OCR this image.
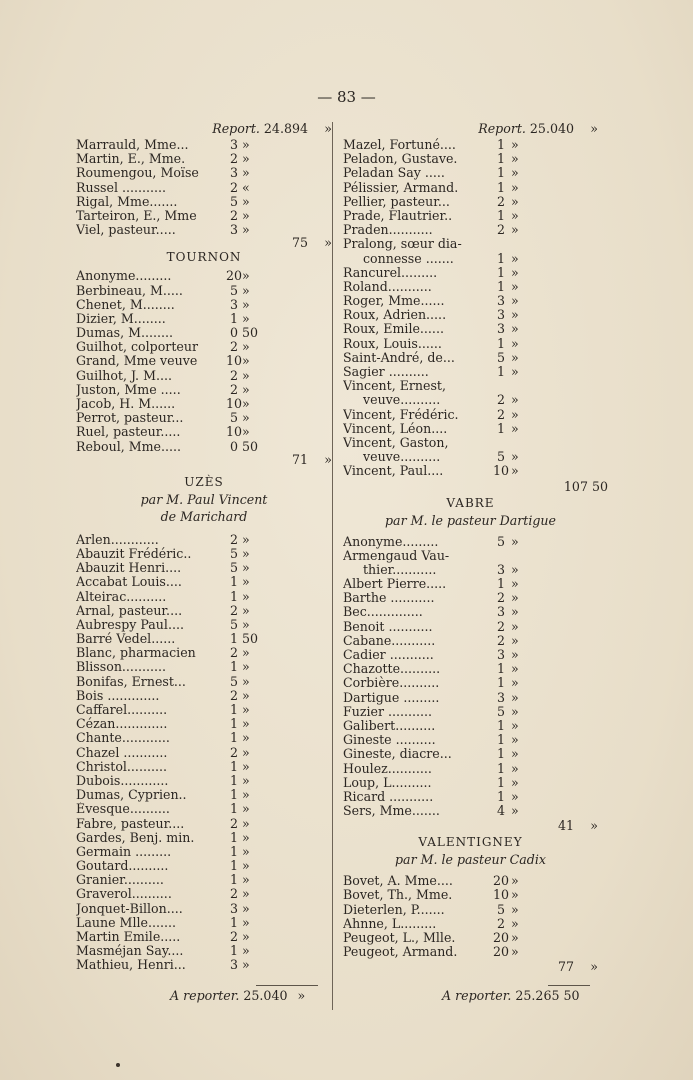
— 83 —
Report. 24.894 »
Marrauld, Mme...	3 »
Martin, E., Mme.	2 »
Roumengou, Moïse	3 »
Russel ...........	2 «
Rigal, Mme.......	5 »
Tarteiron, E., Mme	2 »
Viel, pasteur.....	3 »
75 »
TOURNON
Anonyme.........	20 »
Berbineau, M.....	5 »
Chenet, M........	3 »
Dizier, M........	1 »
Dumas, M........	0 50
Guilhot, colporteur	2 »
Grand, Mme veuve 10 »
Guilhot, J. M....	2 »
Juston, Mme .....	2 »
Jacob, H. M......	10 »
Perrot, pasteur...	5 »
Ruel, pasteur.....	10 »
Reboul, Mme.....	0 50
71 »
UZÈS
par M. Paul Vincent
de Marichard
Arlen............	2 »
Abauzit Frédéric..	5 »
Abauzit Henri....	5 »
Accabat Louis....	1 »
Alteirac..........	1 »
Arnal, pasteur....	2 »
Aubrespy Paul....	5 »
Barré Vedel......	1 50
Blanc, pharmacien	2 »
Blisson...........	1 »
Bonifas, Ernest...	5 »
Bois .............	2 »
Caffarel..........	1 »
Cézan.............	1 »
Chante............	1 »
Chazel ...........	2 »
Christol..........	1 »
Dubois............	1 »
Dumas, Cyprien..	1 »
Évesque..........	1 »
Fabre, pasteur....	2 »
Gardes, Benj. min.	1 »
Germain .........	1 »
Goutard..........	1 »
Granier..........	1 »
Graverol..........	2 »
Jonquet-Billon....	3 »
Laune Mlle.......	1 »
Martin Emile.....	2 »
Masméjan Say....	1 »
Mathieu, Henri...	3 »
Report. 25.040 »
Mazel, Fortuné....	1 »
Peladon, Gustave.	1 »
Peladan Say .....	1 »
Pélissier, Armand.	1 »
Pellier, pasteur...	2 »
Prade, Flautrier..	1 »
Praden...........	2 »
Pralong, sœur dia-
connesse .......	1 »
Rancurel.........	1 »
Roland...........	1 »
Roger, Mme......	3 »
Roux, Adrien.....	3 »
Roux, Emile......	3 »
Roux, Louis......	1 »
Saint-André, de...	5 »
Sagier ..........	1 »
Vincent, Ernest,
veuve..........	2 »
Vincent, Frédéric.	2 »
Vincent, Léon....	1 »
Vincent, Gaston,
veuve..........	5 »
Vincent, Paul....	10 »
107 50
VABRE
par M. le pasteur Dartigue
Anonyme.........	5 »
Armengaud Vau-
thier...........	3 »
Albert Pierre.....	1 »
Barthe ...........	2 »
Bec..............	3 »
Benoit ...........	2 »
Cabane...........	2 »
Cadier ...........	3 »
Chazotte..........	1 »
Corbière..........	1 »
Dartigue .........	3 »
Fuzier ...........	5 »
Galibert..........	1 »
Gineste ..........	1 »
Gineste, diacre...	1 »
Houlez...........	1 »
Loup, L..........	1 »
Ricard ...........	1 »
Sers, Mme.......	4 »
41 »
VALENTIGNEY
par M. le pasteur Cadix
Bovet, A. Mme....	20 »
Bovet, Th., Mme.	10 »
Dieterlen, P.......	5 »
Ahnne, L.........	2 »
Peugeot, L., Mlle.	20 »
Peugeot, Armand.	20 »
77 »
A reporter. 25.040 »	A reporter. 25.265 50
